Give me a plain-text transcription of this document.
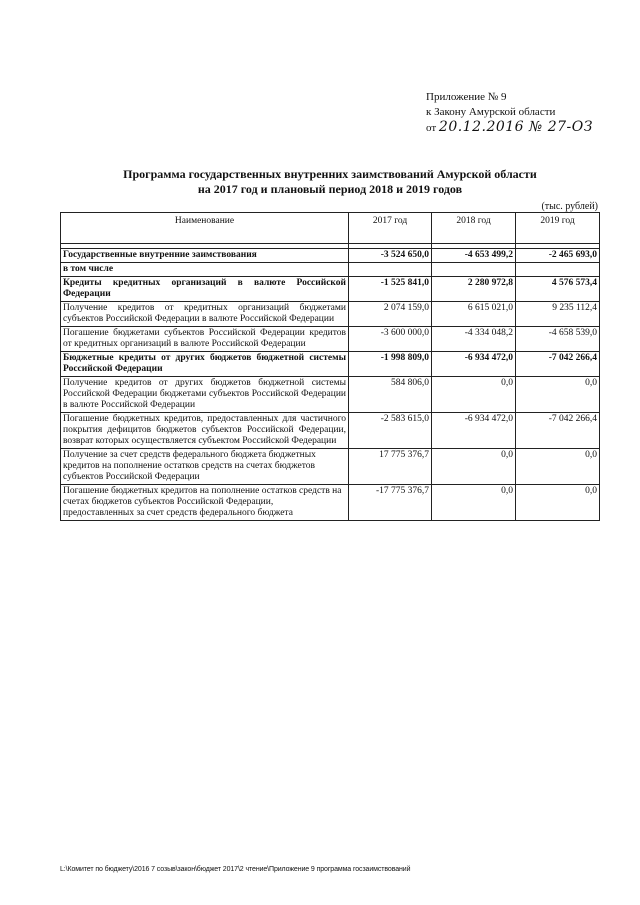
Приложение № 9
к Закону Амурской области
от 20.12.2016 № 27-ОЗ
Программа государственных внутренних заимствований Амурской области
на 2017 год и плановый период 2018 и 2019 годов
(тыс. рублей)
Наименование	2017 год	2018 год	2019 год

Государственные внутренние заимствования	-3 524 650,0	-4 653 499,2	-2 465 693,0
в том числе			
Кредиты кредитных организаций в валюте Российской Федерации	-1 525 841,0	2 280 972,8	4 576 573,4
Получение кредитов от кредитных организаций бюджетами субъектов Российской Федерации в валюте Российской Федерации	2 074 159,0	6 615 021,0	9 235 112,4
Погашение бюджетами субъектов Российской Федерации кредитов от кредитных организаций в валюте Российской Федерации	-3 600 000,0	-4 334 048,2	-4 658 539,0
Бюджетные кредиты от других бюджетов бюджетной системы Российской Федерации	-1 998 809,0	-6 934 472,0	-7 042 266,4
Получение кредитов от других бюджетов бюджетной системы Российской Федерации бюджетами субъектов Российской Федерации в валюте Российской Федерации	584 806,0	0,0	0,0
Погашение бюджетных кредитов, предоставленных для частичного покрытия дефицитов бюджетов субъектов Российской Федерации, возврат которых осуществляется субъектом Российской Федерации	-2 583 615,0	-6 934 472,0	-7 042 266,4
Получение за счет средств федерального бюджета бюджетных кредитов на пополнение остатков средств на счетах бюджетов субъектов Российской Федерации	17 775 376,7	0,0	0,0
Погашение бюджетных кредитов на пополнение остатков средств на счетах бюджетов субъектов Российской Федерации, предоставленных за счет средств федерального бюджета	-17 775 376,7	0,0	0,0
L:\Комитет по бюджету\2016 7 созыв\закон\бюджет 2017\2 чтение\Приложение 9 программа госзаимствований
